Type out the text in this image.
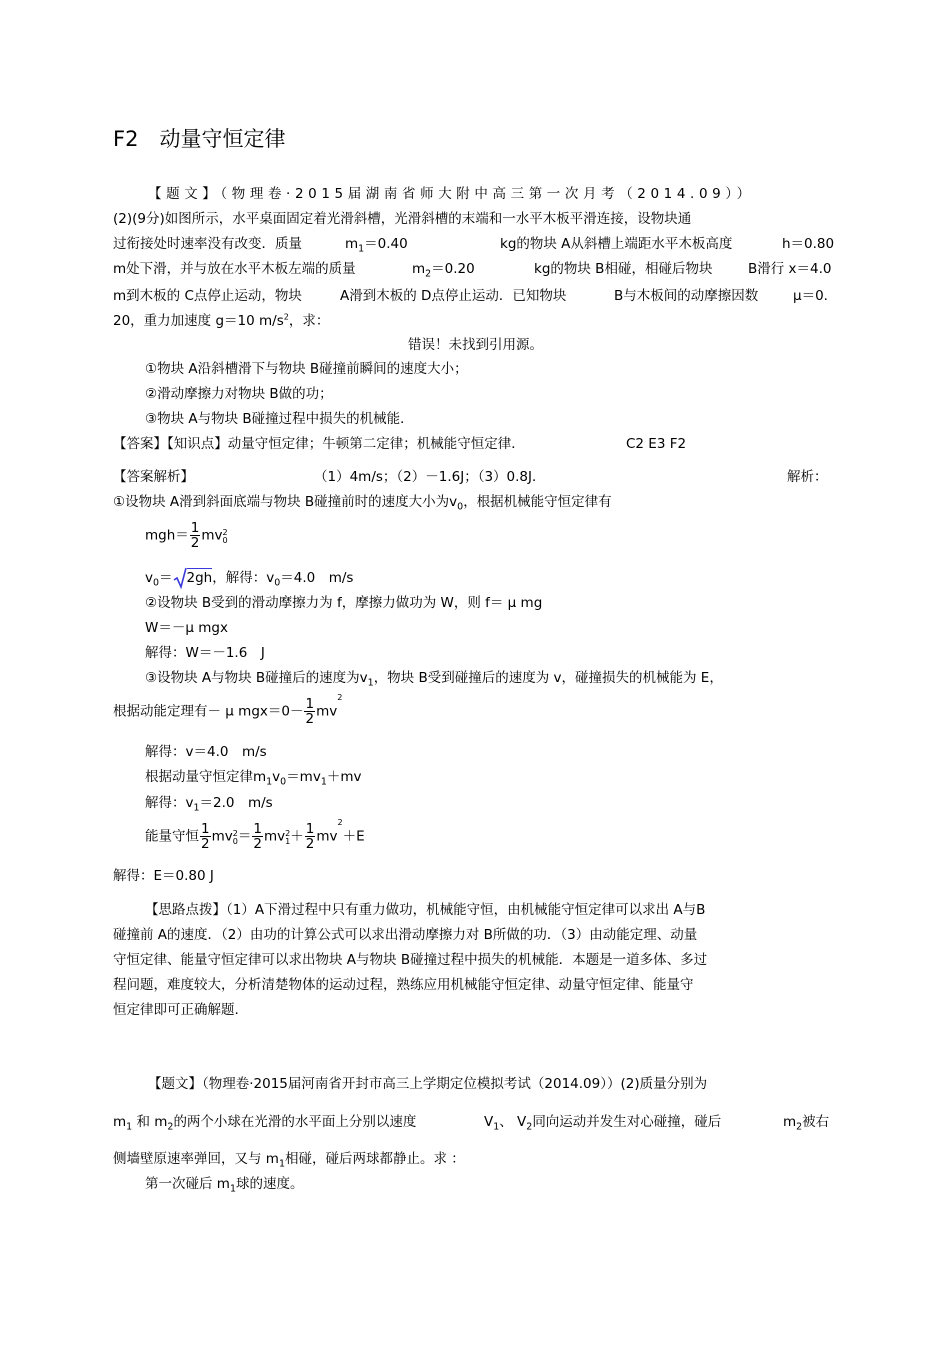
F2　动量守恒定律
【题文】（物理卷·2015届湖南省师大附中高三第一次月考（2014.09））
(2)(9分)如图所示，水平桌面固定着光滑斜槽，光滑斜槽的末端和一水平木板平滑连接，设物块通
过衔接处时速率没有改变．质量	$m_1=0.40$	kg的物块 A从斜槽上端距水平木板高度	h＝0.80
m处下滑，并与放在水平木板左端的质量	$m_2=0.20$	kg的物块 B相碰，相碰后物块	B滑行 x＝4.0
m到木板的 C点停止运动，物块	A滑到木板的 D点停止运动．已知物块	B与木板间的动摩擦因数	μ＝0.
20，重力加速度 g＝10 $m/s^2$，求：
错误！未找到引用源。
①物块 A沿斜槽滑下与物块 B碰撞前瞬间的速度大小；
②滑动摩擦力对物块 B做的功；
③物块 A与物块 B碰撞过程中损失的机械能．
【答案】【知识点】动量守恒定律；牛顿第二定律；机械能守恒定律．	C2 E3 F2
【答案解析】	（1）4m/s；（2）－1.6J；（3）0.8J．	解析：
①设物块 A滑到斜面底端与物块 B碰撞前时的速度大小为$v_0$，根据机械能守恒定律有
$mgh= \frac{1}{2}$ mv 2
0
$v_0= 2gh$，解得：$v_0=4.0$　m/s
②设物块 B受到的滑动摩擦力为 f，摩擦力做功为 W，则 f＝ μ mg
W＝－μ mgx
解得：W＝－1.6　J
③设物块 A与物块 B碰撞后的速度为$v_1$，物块 B受到碰撞后的速度为 v，碰撞损失的机械能为 E，
根据动能定理有－ μ $mgx=0- \frac{1}{2} mv^2$
解得：v＝4.0　m/s
根据动量守恒定律$m_1v_0=mv_1+mv$
解得：$v_1=2.0$　m/s
能量守恒 $\frac{1}{2}$ mv 2
$0 = \frac{1}{2}$ mv 2
$1 + \frac{1}{2} mv^2+E$
解得：E＝0.80 J
【思路点拨】（1）A下滑过程中只有重力做功，机械能守恒，由机械能守恒定律可以求出 A与B
碰撞前 A的速度．（2）由功的计算公式可以求出滑动摩擦力对 B所做的功．（3）由动能定理、动量
守恒定律、能量守恒定律可以求出物块 A与物块 B碰撞过程中损失的机械能．本题是一道多体、多过
程问题，难度较大，分析清楚物体的运动过程，熟练应用机械能守恒定律、动量守恒定律、能量守
恒定律即可正确解题.
【题文】（物理卷·2015届河南省开封市高三上学期定位模拟考试（2014.09））(2)质量分别为
$m_1$ 和 $m_2$的两个小球在光滑的水平面上分别以速度	$V_1$、 $V_2$同向运动并发生对心碰撞，碰后	$m_2$被右
侧墙壁原速率弹回，又与 $m_1$相碰，碰后两球都静止。求 ：
第一次碰后 $m_1$球的速度。
